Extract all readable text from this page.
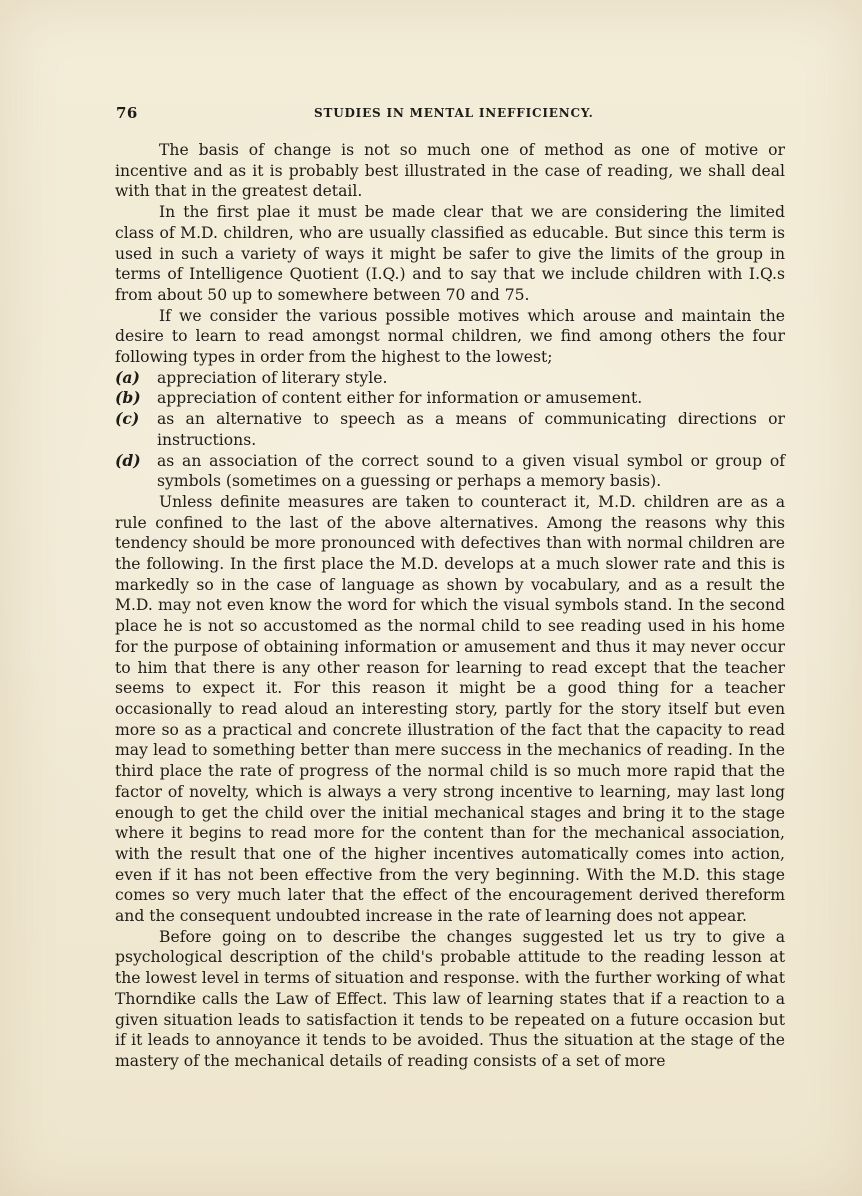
76	STUDIES IN MENTAL INEFFICIENCY.

The basis of change is not so much one of method as one of motive or incentive and as it is probably best illustrated in the case of reading, we shall deal with that in the greatest detail.

In the first plae it must be made clear that we are considering the limited class of M.D. children, who are usually classified as educable. But since this term is used in such a variety of ways it might be safer to give the limits of the group in terms of Intelligence Quotient (I.Q.) and to say that we include children with I.Q.s from about 50 up to somewhere between 70 and 75.

If we consider the various possible motives which arouse and maintain the desire to learn to read amongst normal children, we find among others the four following types in order from the highest to the lowest;

(a)	appreciation of literary style.
(b)	appreciation of content either for information or amusement.
(c)	as an alternative to speech as a means of communicating directions or instructions.
(d)	as an association of the correct sound to a given visual symbol or group of symbols (sometimes on a guessing or perhaps a memory basis).

Unless definite measures are taken to counteract it, M.D. children are as a rule confined to the last of the above alternatives. Among the reasons why this tendency should be more pronounced with defectives than with normal children are the following. In the first place the M.D. develops at a much slower rate and this is markedly so in the case of language as shown by vocabulary, and as a result the M.D. may not even know the word for which the visual symbols stand. In the second place he is not so accustomed as the normal child to see reading used in his home for the purpose of obtaining information or amusement and thus it may never occur to him that there is any other reason for learning to read except that the teacher seems to expect it. For this reason it might be a good thing for a teacher occasionally to read aloud an interesting story, partly for the story itself but even more so as a practical and concrete illustration of the fact that the capacity to read may lead to something better than mere success in the mechanics of reading. In the third place the rate of progress of the normal child is so much more rapid that the factor of novelty, which is always a very strong incentive to learning, may last long enough to get the child over the initial mechanical stages and bring it to the stage where it begins to read more for the content than for the mechanical association, with the result that one of the higher incentives automatically comes into action, even if it has not been effective from the very beginning. With the M.D. this stage comes so very much later that the effect of the encouragement derived thereform and the consequent undoubted increase in the rate of learning does not appear.

Before going on to describe the changes suggested let us try to give a psychological description of the child's probable attitude to the reading lesson at the lowest level in terms of situation and response. with the further working of what Thorndike calls the Law of Effect. This law of learning states that if a reaction to a given situation leads to satisfaction it tends to be repeated on a future occasion but if it leads to annoyance it tends to be avoided. Thus the situation at the stage of the mastery of the mechanical details of reading consists of a set of more
